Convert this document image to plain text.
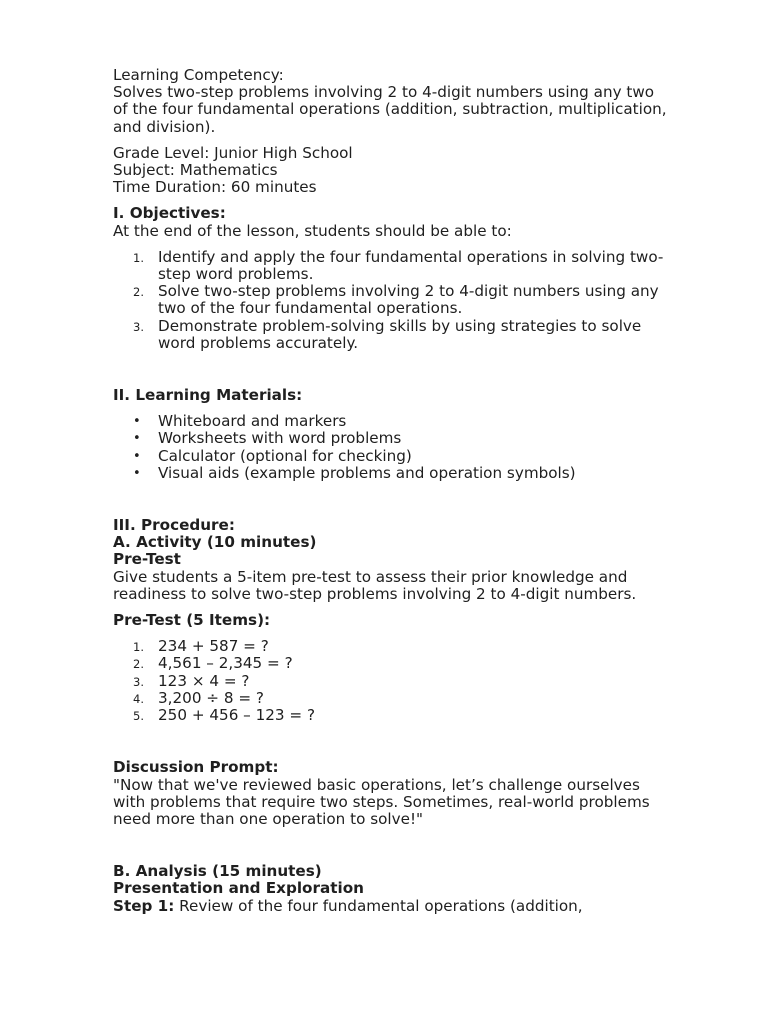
Learning Competency:

Solves two-step problems involving 2 to 4-digit numbers using any two of the four fundamental operations (addition, subtraction, multiplication, and division).

Grade Level: Junior High School

Subject: Mathematics

Time Duration: 60 minutes

I. Objectives:

At the end of the lesson, students should be able to:

1. Identify and apply the four fundamental operations in solving two-step word problems.
2. Solve two-step problems involving 2 to 4-digit numbers using any two of the four fundamental operations.
3. Demonstrate problem-solving skills by using strategies to solve word problems accurately.

II. Learning Materials:

• Whiteboard and markers
• Worksheets with word problems
• Calculator (optional for checking)
• Visual aids (example problems and operation symbols)

III. Procedure:

A. Activity (10 minutes)

Pre-Test

Give students a 5-item pre-test to assess their prior knowledge and readiness to solve two-step problems involving 2 to 4-digit numbers.

Pre-Test (5 Items):

1. 234 + 587 = ?
2. 4,561 – 2,345 = ?
3. 123 × 4 = ?
4. 3,200 ÷ 8 = ?
5. 250 + 456 – 123 = ?

Discussion Prompt:

"Now that we've reviewed basic operations, let’s challenge ourselves with problems that require two steps. Sometimes, real-world problems need more than one operation to solve!"

B. Analysis (15 minutes)

Presentation and Exploration

Step 1: Review of the four fundamental operations (addition,
